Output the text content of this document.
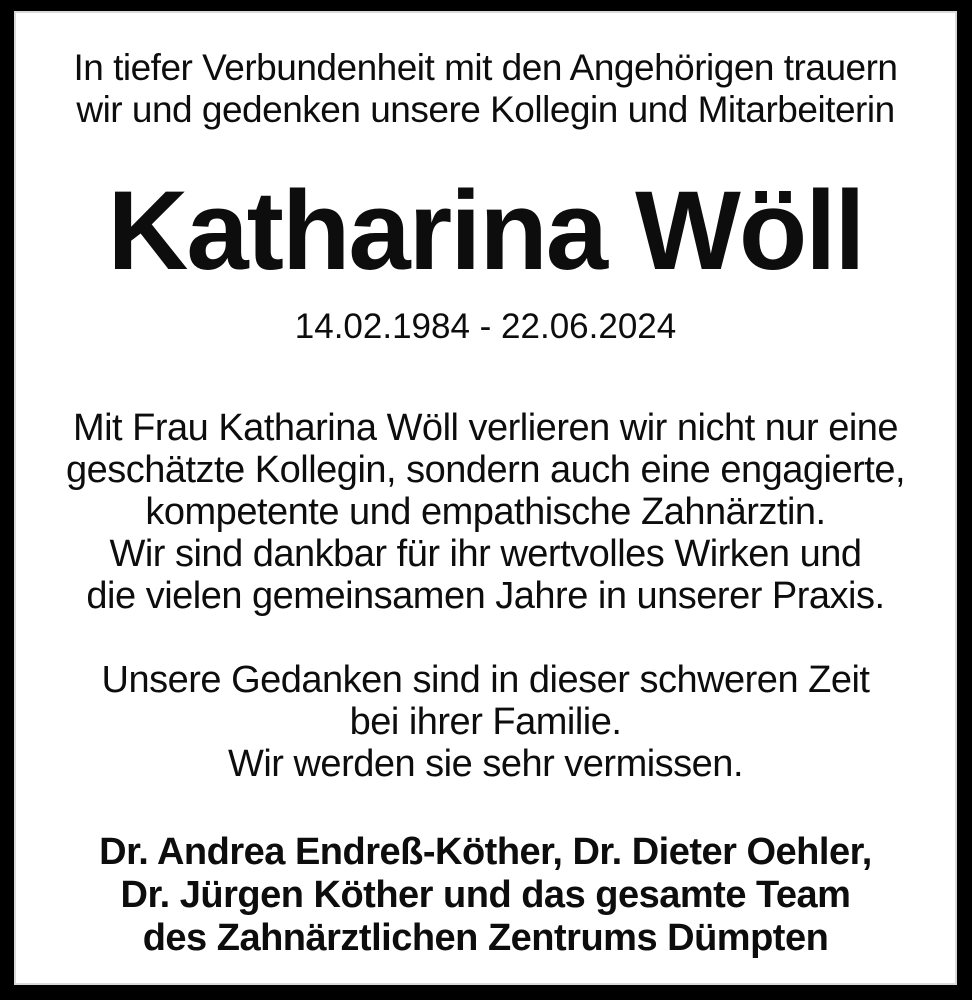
In tiefer Verbundenheit mit den Angehörigen trauern
wir und gedenken unsere Kollegin und Mitarbeiterin
Katharina Wöll
14.02.1984 - 22.06.2024
Mit Frau Katharina Wöll verlieren wir nicht nur eine
geschätzte Kollegin, sondern auch eine engagierte,
kompetente und empathische Zahnärztin.
Wir sind dankbar für ihr wertvolles Wirken und
die vielen gemeinsamen Jahre in unserer Praxis.
Unsere Gedanken sind in dieser schweren Zeit
bei ihrer Familie.
Wir werden sie sehr vermissen.
Dr. Andrea Endreß-Köther, Dr. Dieter Oehler,
Dr. Jürgen Köther und das gesamte Team
des Zahnärztlichen Zentrums Dümpten
